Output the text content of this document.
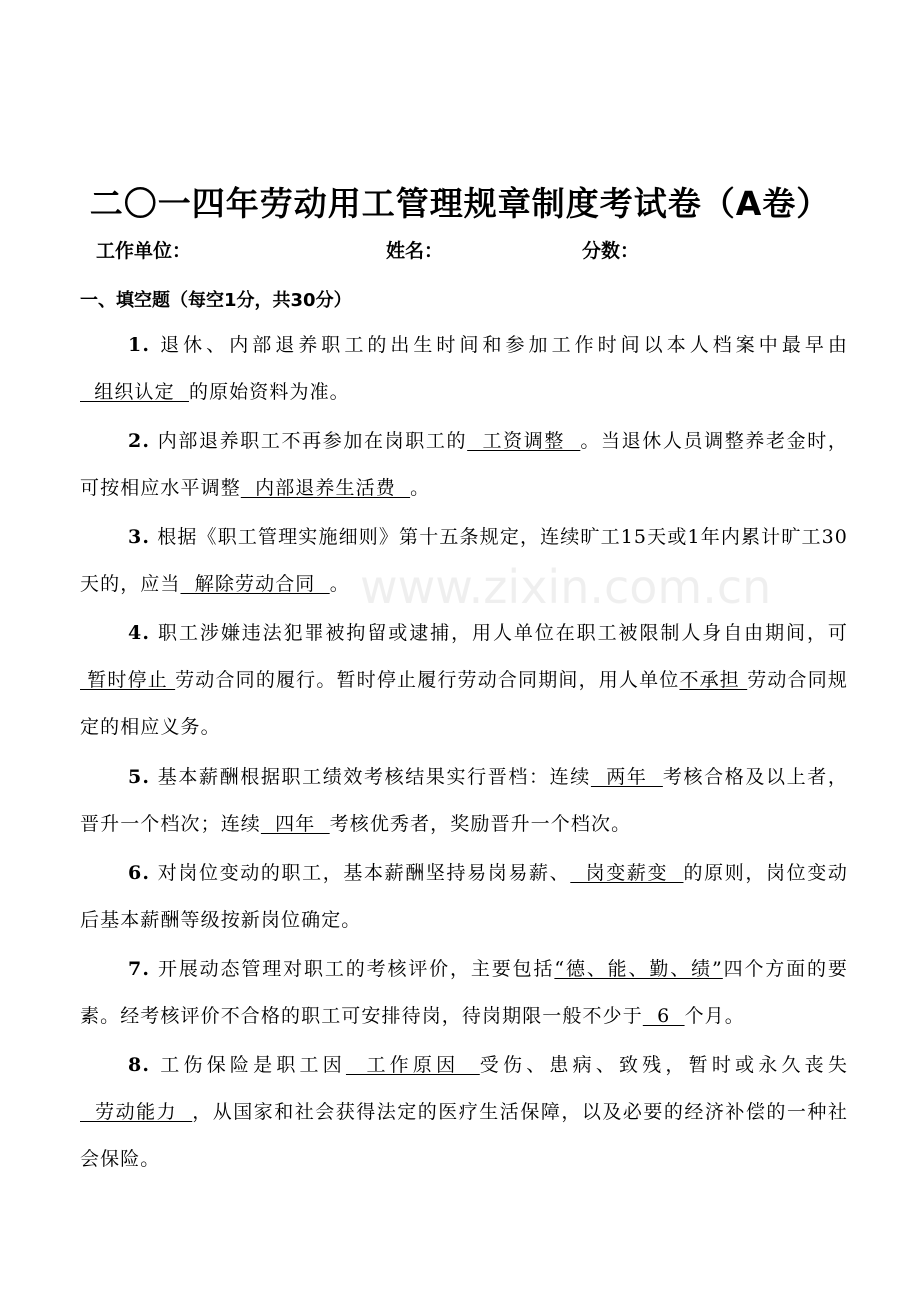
www.zixin.com.cn
二〇一四年劳动用工管理规章制度考试卷（A卷）
工作单位：	姓名：	分数：
一、填空题（每空1分，共30分）
1. 退休、内部退养职工的出生时间和参加工作时间以本人档案中最早由  组织认定  的原始资料为准。
2. 内部退养职工不再参加在岗职工的  工资调整  。当退休人员调整养老金时，可按相应水平调整  内部退养生活费  。
3. 根据《职工管理实施细则》第十五条规定，连续旷工15天或1年内累计旷工30天的，应当  解除劳动合同  。
4. 职工涉嫌违法犯罪被拘留或逮捕，用人单位在职工被限制人身自由期间，可 暂时停止 劳动合同的履行。暂时停止履行劳动合同期间，用人单位不承担 劳动合同规定的相应义务。
5. 基本薪酬根据职工绩效考核结果实行晋档：连续  两年  考核合格及以上者，晋升一个档次；连续  四年  考核优秀者，奖励晋升一个档次。
6. 对岗位变动的职工，基本薪酬坚持易岗易薪、  岗变薪变  的原则，岗位变动后基本薪酬等级按新岗位确定。
7. 开展动态管理对职工的考核评价，主要包括“德、能、勤、绩”四个方面的要素。经考核评价不合格的职工可安排待岗，待岗期限一般不少于  6  个月。
8. 工伤保险是职工因  工作原因  受伤、患病、致残，暂时或永久丧失  劳动能力  ，从国家和社会获得法定的医疗生活保障，以及必要的经济补偿的一种社会保险。
